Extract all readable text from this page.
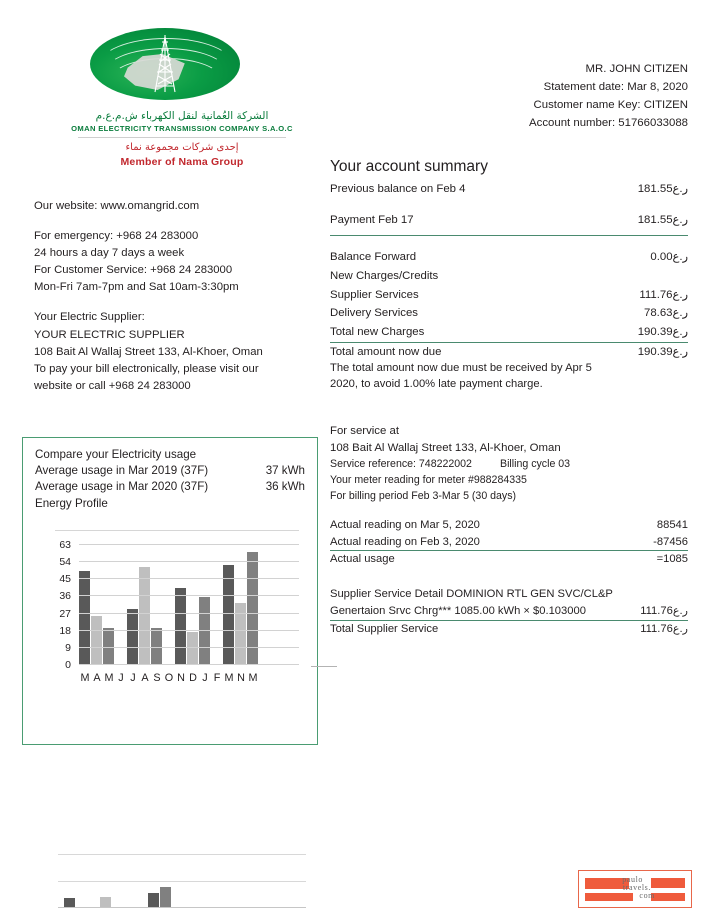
الشركة العُمانية لنقل الكهرباء ش.م.ع.م
OMAN ELECTRICITY TRANSMISSION COMPANY S.A.O.C
إحدى شركات مجموعة نماء
Member of Nama Group
Our website: www.omangrid.com
For emergency: +968 24 283000
24 hours a day 7 days a week
For Customer Service: +968 24 283000
Mon-Fri 7am-7pm and Sat 10am-3:30pm
Your Electric Supplier:
YOUR ELECTRIC SUPPLIER
108 Bait Al Wallaj Street 133, Al-Khoer, Oman
To pay your bill electronically, please visit our
website or call +968 24 283000
Compare your Electricity usage
Average usage in Mar 2019 (37F)	37 kWh
Average usage in Mar 2020 (37F)	36 kWh
Energy Profile
0
9
18
27
36
45
54
63
M A M J J A S O N D J F M N M
MR. JOHN CITIZEN
Statement date: Mar 8, 2020
Customer name Key: CITIZEN
Account number: 51766033088
Your account summary
Previous balance on Feb 4	181.55ر.ع
Payment Feb 17	181.55ر.ع
Balance Forward	0.00ر.ع
New Charges/Credits
Supplier Services	111.76ر.ع
Delivery Services	78.63ر.ع
Total new Charges	190.39ر.ع
Total amount now due	190.39ر.ع
The total amount now due must be received by Apr 5
2020, to avoid 1.00% late payment charge.
For service at
108 Bait Al Wallaj Street 133, Al-Khoer, Oman
Service reference: 748222002	Billing cycle 03
Your meter reading for meter #988284335
For billing period Feb 3-Mar 5 (30 days)
Actual reading on Mar 5, 2020	88541
Actual reading on Feb 3, 2020	-87456
Actual usage	=1085
Supplier Service Detail DOMINION RTL GEN SVC/CL&P
Genertaion Srvc Chrg*** 1085.00 kWh × $0.103000	111.76ر.ع
Total Supplier Service	111.76ر.ع
paulo
travels.
com
